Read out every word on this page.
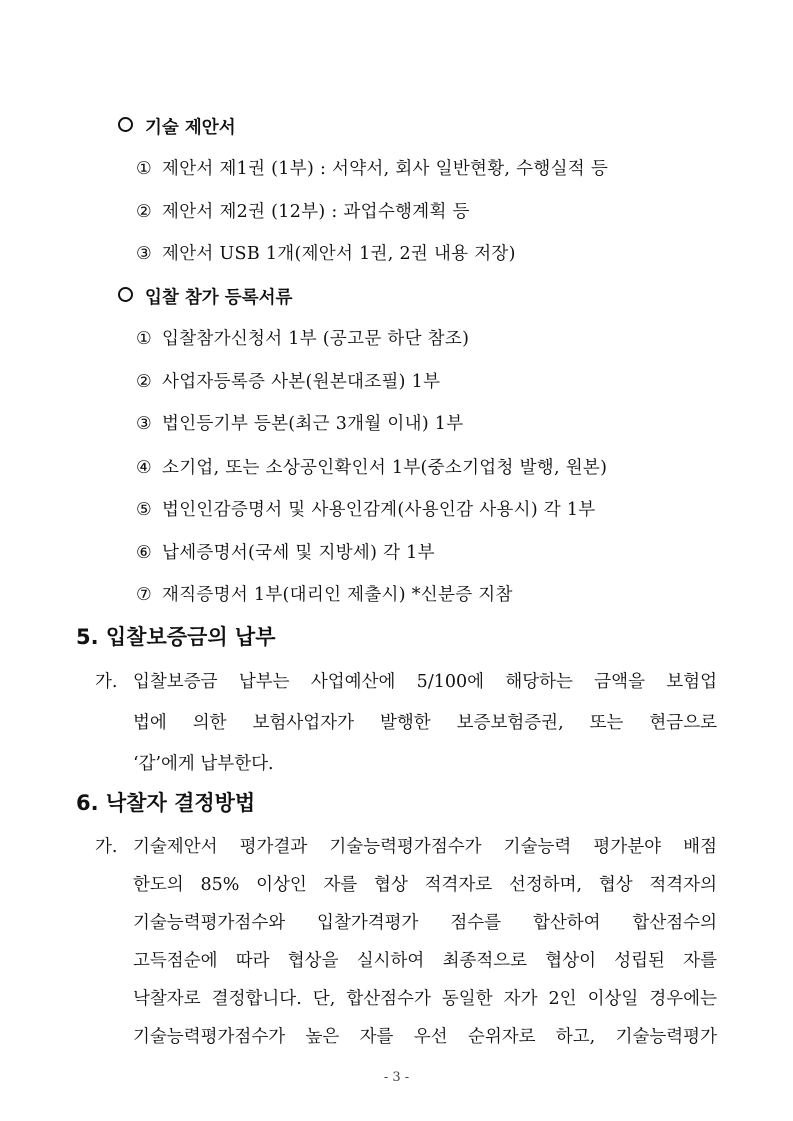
기술 제안서
① 제안서 제1권 (1부) : 서약서, 회사 일반현황, 수행실적 등
② 제안서 제2권 (12부) : 과업수행계획 등
③ 제안서 USB 1개(제안서 1권, 2권 내용 저장)
입찰 참가 등록서류
① 입찰참가신청서 1부 (공고문 하단 참조)
② 사업자등록증 사본(원본대조필) 1부
③ 법인등기부 등본(최근 3개월 이내) 1부
④ 소기업, 또는 소상공인확인서 1부(중소기업청 발행, 원본)
⑤ 법인인감증명서 및 사용인감계(사용인감 사용시) 각 1부
⑥ 납세증명서(국세 및 지방세) 각 1부
⑦ 재직증명서 1부(대리인 제출시) *신분증 지참
5. 입찰보증금의 납부
가. 입찰보증금 납부는 사업예산에 5/100에 해당하는 금액을 보험업
법에 의한 보험사업자가 발행한 보증보험증권, 또는 현금으로
‘갑’에게 납부한다.
6. 낙찰자 결정방법
가. 기술제안서 평가결과 기술능력평가점수가 기술능력 평가분야 배점
한도의 85% 이상인 자를 협상 적격자로 선정하며, 협상 적격자의
기술능력평가점수와 입찰가격평가 점수를 합산하여 합산점수의
고득점순에 따라 협상을 실시하여 최종적으로 협상이 성립된 자를
낙찰자로 결정합니다. 단, 합산점수가 동일한 자가 2인 이상일 경우에는
기술능력평가점수가 높은 자를 우선 순위자로 하고, 기술능력평가
- 3 -
